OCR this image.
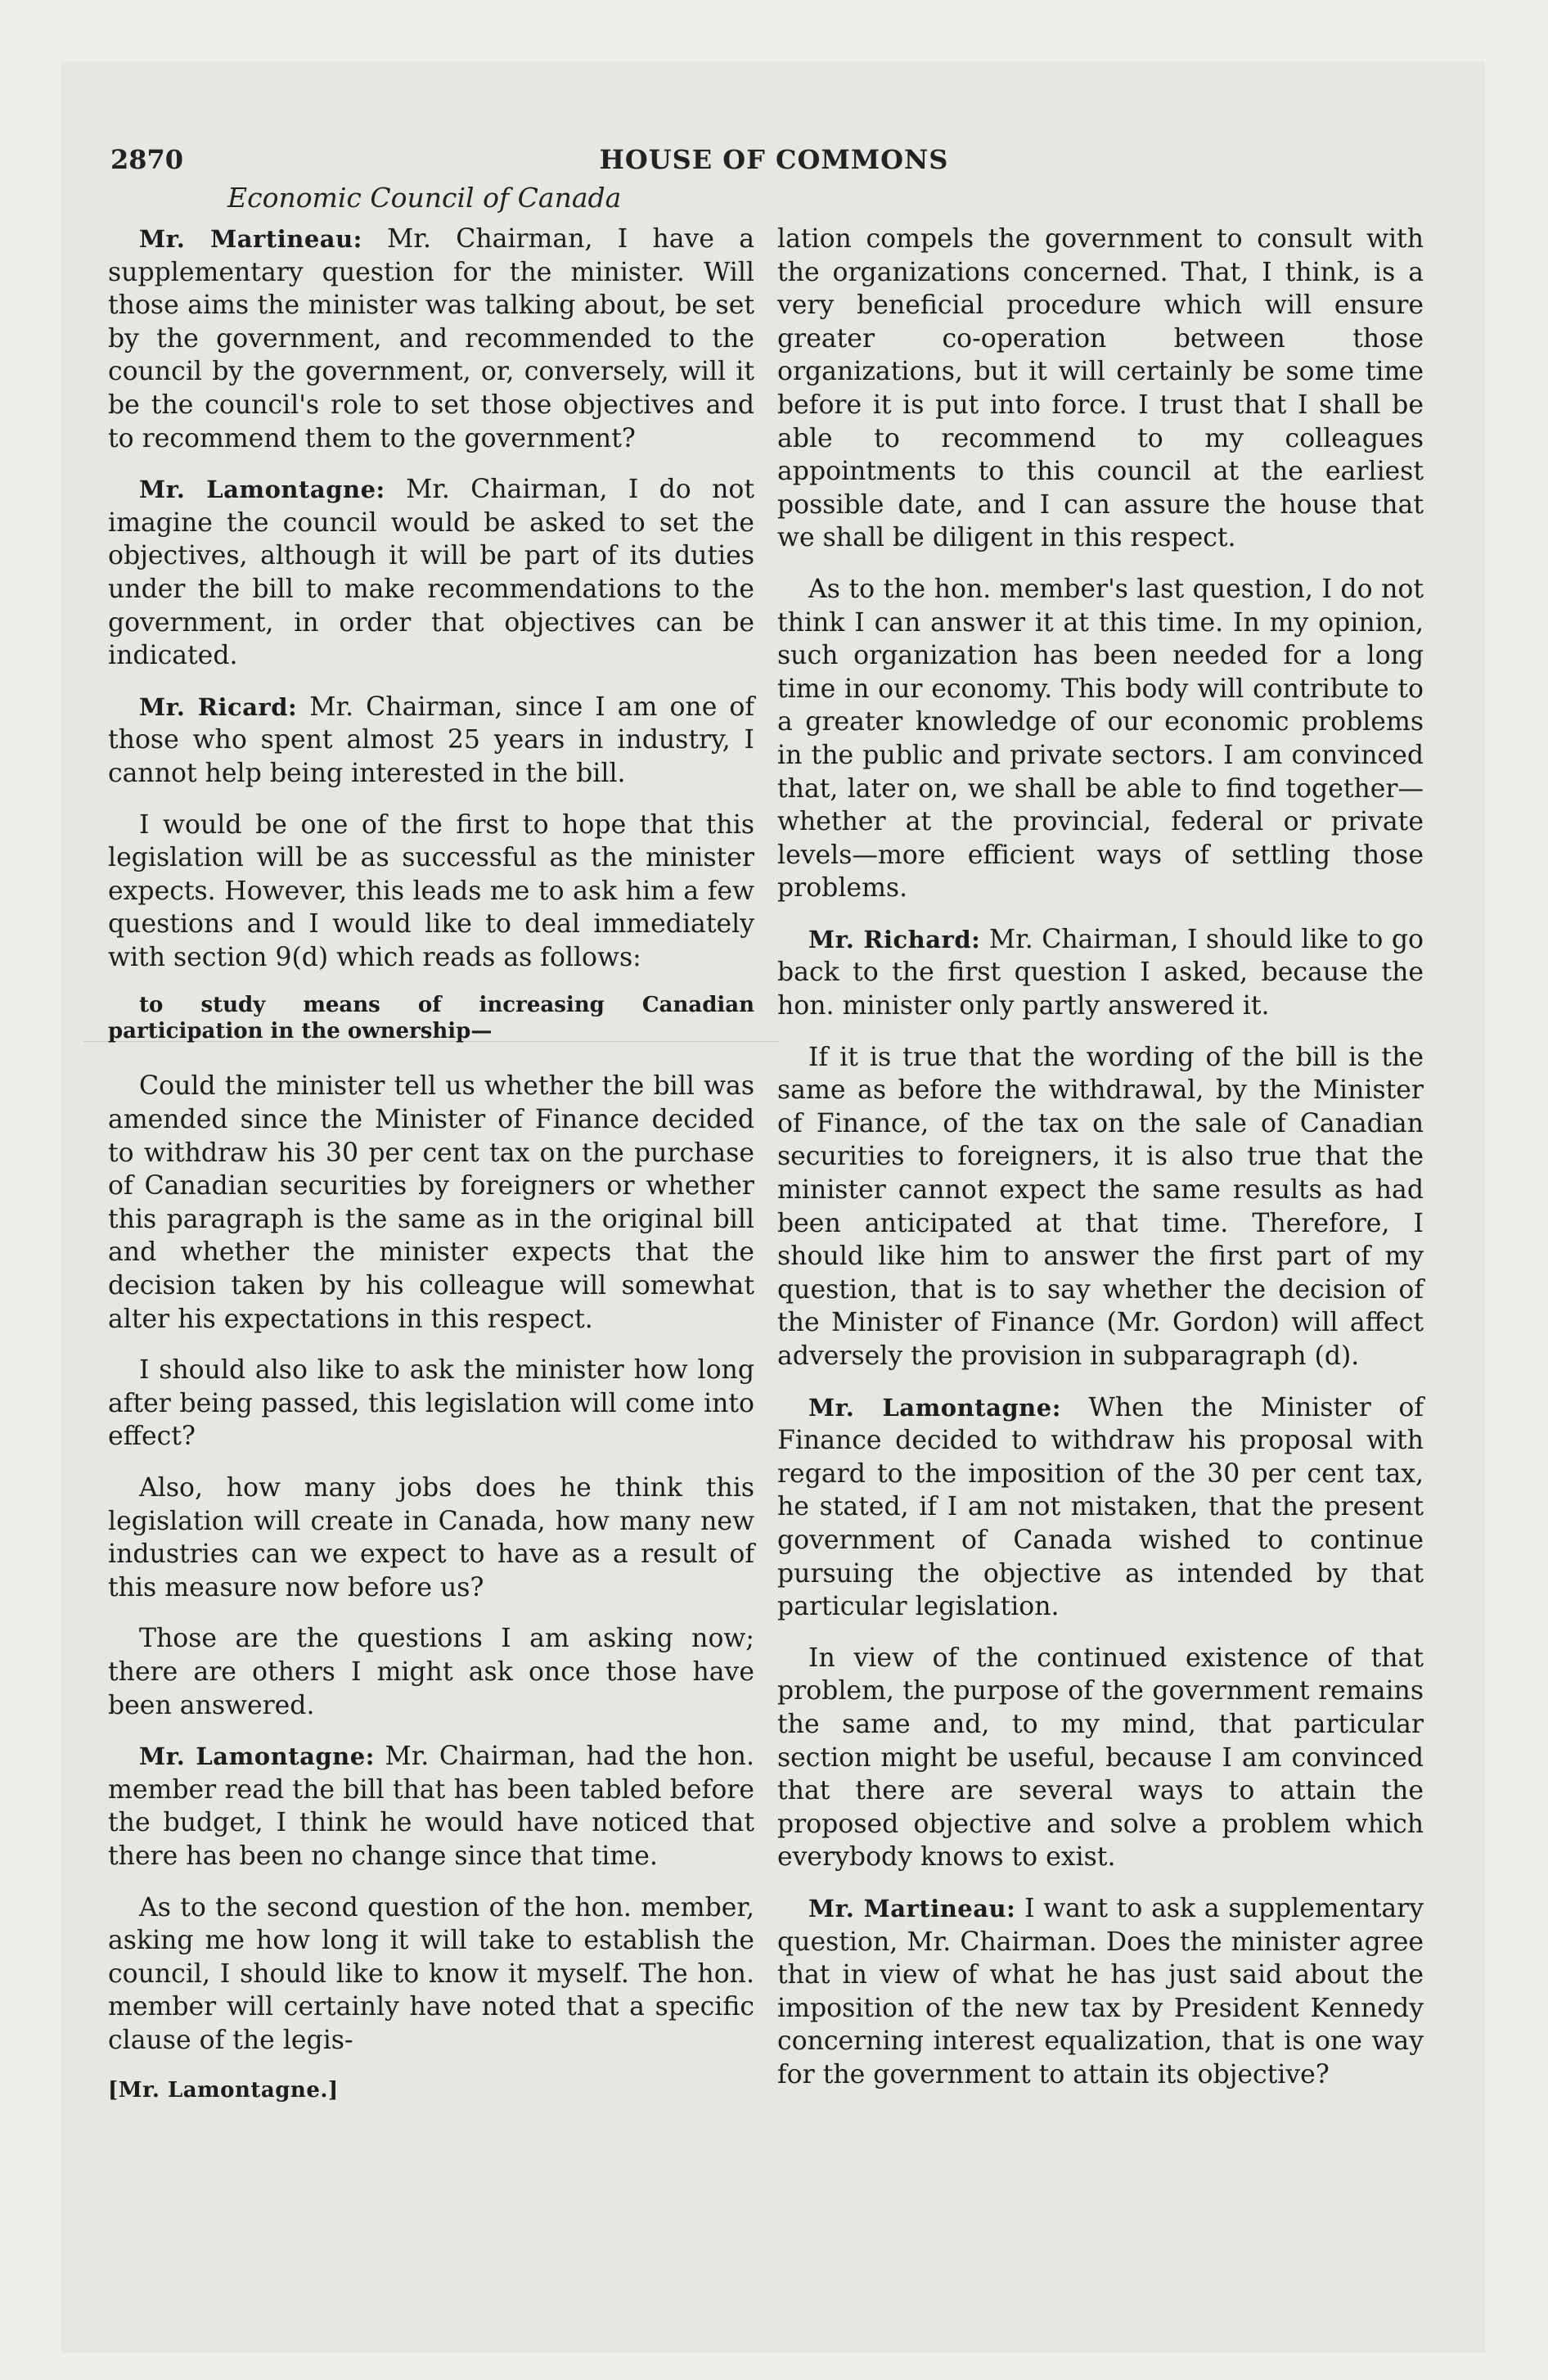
2870	HOUSE OF COMMONS
Economic Council of Canada

Mr. Martineau: Mr. Chairman, I have a supplementary question for the minister. Will those aims the minister was talking about, be set by the government, and recommended to the council by the government, or, conversely, will it be the council's role to set those objectives and to recommend them to the government?

Mr. Lamontagne: Mr. Chairman, I do not imagine the council would be asked to set the objectives, although it will be part of its duties under the bill to make recommendations to the government, in order that objectives can be indicated.

Mr. Ricard: Mr. Chairman, since I am one of those who spent almost 25 years in industry, I cannot help being interested in the bill.

I would be one of the first to hope that this legislation will be as successful as the minister expects. However, this leads me to ask him a few questions and I would like to deal immediately with section 9(d) which reads as follows:

to study means of increasing Canadian participation in the ownership—

Could the minister tell us whether the bill was amended since the Minister of Finance decided to withdraw his 30 per cent tax on the purchase of Canadian securities by foreigners or whether this paragraph is the same as in the original bill and whether the minister expects that the decision taken by his colleague will somewhat alter his expectations in this respect.

I should also like to ask the minister how long after being passed, this legislation will come into effect?

Also, how many jobs does he think this legislation will create in Canada, how many new industries can we expect to have as a result of this measure now before us?

Those are the questions I am asking now; there are others I might ask once those have been answered.

Mr. Lamontagne: Mr. Chairman, had the hon. member read the bill that has been tabled before the budget, I think he would have noticed that there has been no change since that time.

As to the second question of the hon. member, asking me how long it will take to establish the council, I should like to know it myself. The hon. member will certainly have noted that a specific clause of the legis-

[Mr. Lamontagne.]

lation compels the government to consult with the organizations concerned. That, I think, is a very beneficial procedure which will ensure greater co-operation between those organizations, but it will certainly be some time before it is put into force. I trust that I shall be able to recommend to my colleagues appointments to this council at the earliest possible date, and I can assure the house that we shall be diligent in this respect.

As to the hon. member's last question, I do not think I can answer it at this time. In my opinion, such organization has been needed for a long time in our economy. This body will contribute to a greater knowledge of our economic problems in the public and private sectors. I am convinced that, later on, we shall be able to find together—whether at the provincial, federal or private levels—more efficient ways of settling those problems.

Mr. Richard: Mr. Chairman, I should like to go back to the first question I asked, because the hon. minister only partly answered it.

If it is true that the wording of the bill is the same as before the withdrawal, by the Minister of Finance, of the tax on the sale of Canadian securities to foreigners, it is also true that the minister cannot expect the same results as had been anticipated at that time. Therefore, I should like him to answer the first part of my question, that is to say whether the decision of the Minister of Finance (Mr. Gordon) will affect adversely the provision in subparagraph (d).

Mr. Lamontagne: When the Minister of Finance decided to withdraw his proposal with regard to the imposition of the 30 per cent tax, he stated, if I am not mistaken, that the present government of Canada wished to continue pursuing the objective as intended by that particular legislation.

In view of the continued existence of that problem, the purpose of the government remains the same and, to my mind, that particular section might be useful, because I am convinced that there are several ways to attain the proposed objective and solve a problem which everybody knows to exist.

Mr. Martineau: I want to ask a supplementary question, Mr. Chairman. Does the minister agree that in view of what he has just said about the imposition of the new tax by President Kennedy concerning interest equalization, that is one way for the government to attain its objective?
